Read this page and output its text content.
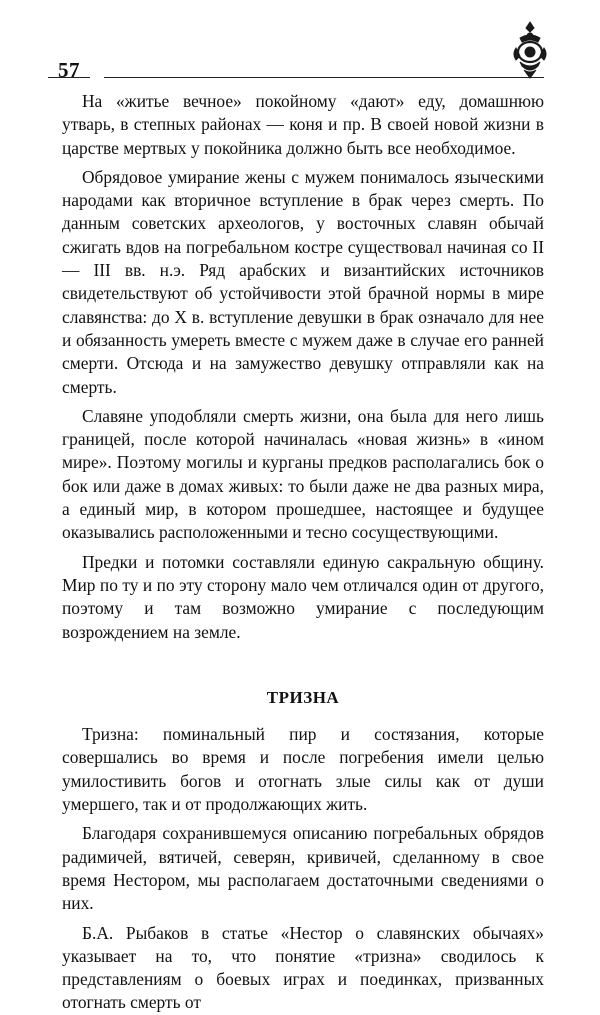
57

На «житье вечное» покойному «дают» еду, домашнюю утварь, в степных районах — коня и пр. В своей новой жизни в царстве мертвых у покойника должно быть все необходимое.

Обрядовое умирание жены с мужем понималось языческими народами как вторичное вступление в брак через смерть. По данным советских археологов, у восточных славян обычай сжигать вдов на погребальном костре существовал начиная со II — III вв. н.э. Ряд арабских и византийских источников свидетельствуют об устойчивости этой брачной нормы в мире славянства: до X в. вступление девушки в брак означало для нее и обязанность умереть вместе с мужем даже в случае его ранней смерти. Отсюда и на замужество девушку отправляли как на смерть.

Славяне уподобляли смерть жизни, она была для него лишь границей, после которой начиналась «новая жизнь» в «ином мире». Поэтому могилы и курганы предков располагались бок о бок или даже в домах живых: то были даже не два разных мира, а единый мир, в котором прошедшее, настоящее и будущее оказывались расположенными и тесно сосуществующими.

Предки и потомки составляли единую сакральную общину. Мир по ту и по эту сторону мало чем отличался один от другого, поэтому и там возможно умирание с последующим возрождением на земле.

ТРИЗНА

Тризна: поминальный пир и состязания, которые совершались во время и после погребения имели целью умилостивить богов и отогнать злые силы как от души умершего, так и от продолжающих жить.

Благодаря сохранившемуся описанию погребальных обрядов радимичей, вятичей, северян, кривичей, сделанному в свое время Нестором, мы располагаем достаточными сведениями о них.

Б.А. Рыбаков в статье «Нестор о славянских обычаях» указывает на то, что понятие «тризна» сводилось к представлениям о боевых играх и поединках, призванных отогнать смерть от
